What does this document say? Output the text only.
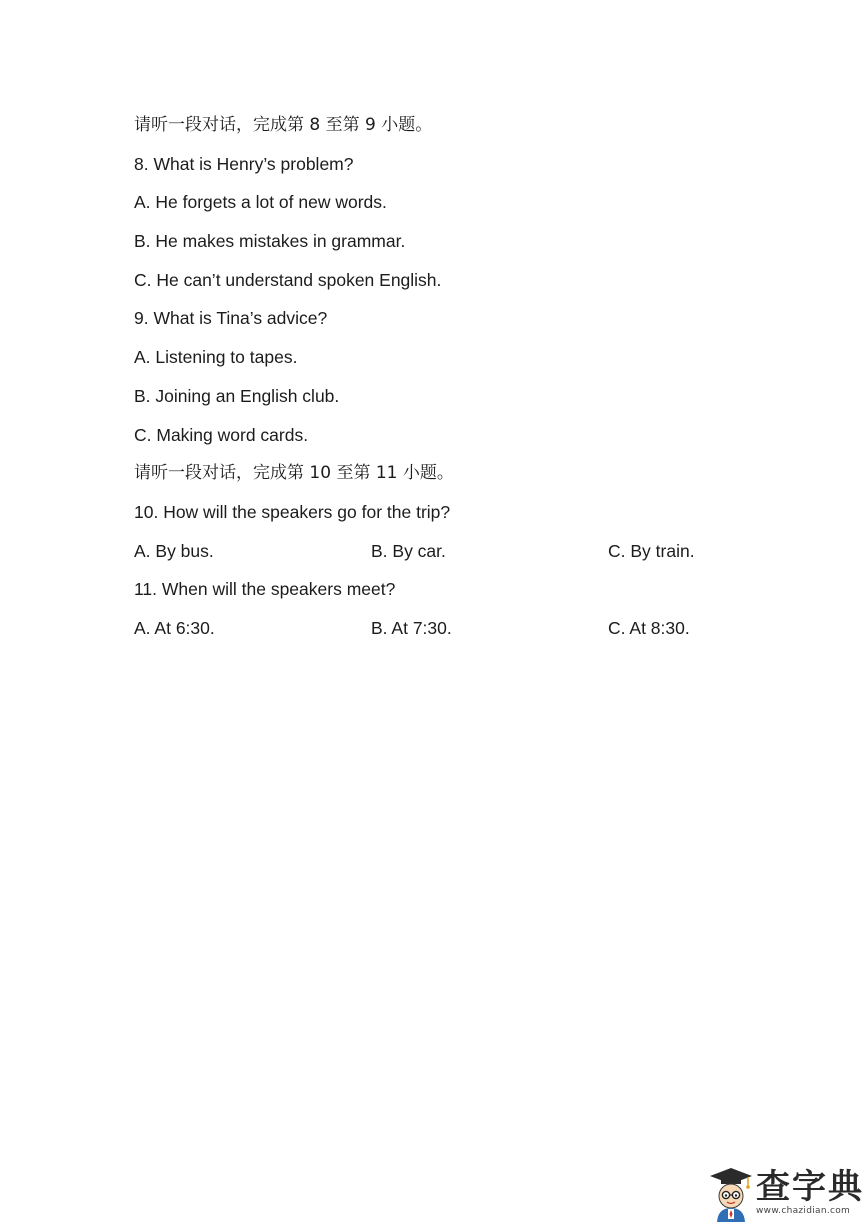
请听一段对话，完成第 8 至第 9 小题。
8. What is Henry’s problem?
A. He forgets a lot of new words.
B. He makes mistakes in grammar.
C. He can’t understand spoken English.
9. What is Tina’s advice?
A. Listening to tapes.
B. Joining an English club.
C. Making word cards.
请听一段对话，完成第 10 至第 11 小题。
10. How will the speakers go for the trip?
A. By bus.	B. By car.	C. By train.
11. When will the speakers meet?
A. At 6:30.	B. At 7:30.	C. At 8:30.
查字典
www.chazidian.com
